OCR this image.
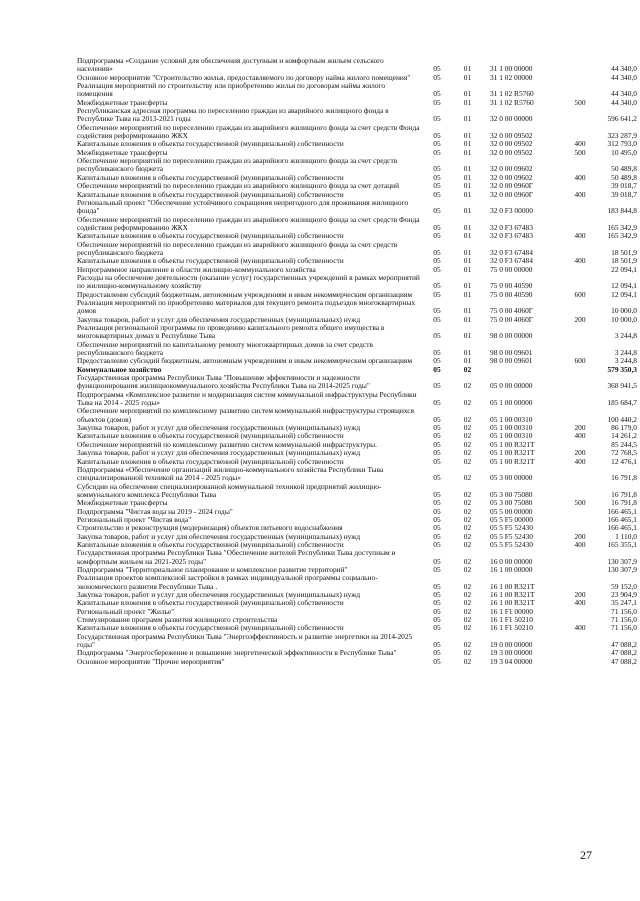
Подпрограмма «Создание условий для обеспечения доступным и комфортным жильем сельского населения»	05	01	31 1 00 00000		44 340,0
Основное мероприятие "Строительство жилья, предоставляемого по договору найма жилого помещения"	05	01	31 1 02 00000		44 340,0
Реализация мероприятий по строительству или приобретению жилья по договорам найма жилого помещения	05	01	31 1 02 R5760		44 340,0
Межбюджетные трансферты	05	01	31 1 02 R5760	500	44 340,0
Республиканская адресная программа по переселению граждан из аварийного жилищного фонда в Республике Тыва на 2013-2021 годы	05	01	32 0 00 00000		596 641,2
Обеспечение мероприятий по переселению граждан из аварийного жилищного фонда за счет средств Фонда содействия реформированию ЖКХ	05	01	32 0 00 09502		323 287,9
Капитальные вложения в объекты государственной (муниципальной) собственности	05	01	32 0 00 09502	400	312 793,0
Межбюджетные трансферты	05	01	32 0 00 09502	500	10 495,0
Обеспечение мероприятий по переселению граждан из аварийного жилищного фонда за счет средств республиканского бюджета	05	01	32 0 00 09602		50 489,8
Капитальные вложения в объекты государственной (муниципальной) собственности	05	01	32 0 00 09602	400	50 489,8
Обеспечение мероприятий по переселению граждан из аварийного жилищного фонда за счет дотаций	05	01	32 0 00 0960Г		39 018,7
Капитальные вложения в объекты государственной (муниципальной) собственности	05	01	32 0 00 0960Г	400	39 018,7
Региональный проект "Обеспечение устойчивого сокращения непригодного для проживания жилищного фонда"	05	01	32 0 F3 00000		183 844,8
Обеспечение мероприятий по переселению граждан из аварийного жилищного фонда за счет средств Фонда содействия реформированию ЖКХ	05	01	32 0 F3 67483		165 342,9
Капитальные вложения в объекты государственной (муниципальной) собственности	05	01	32 0 F3 67483	400	165 342,9
Обеспечение мероприятий по переселению граждан из аварийного жилищного фонда за счет средств республиканского бюджета	05	01	32 0 F3 67484		18 501,9
Капитальные вложения в объекты государственной (муниципальной) собственности	05	01	32 0 F3 67484	400	18 501,9
Непрограммное направление в области жилищно-коммунального хозяйства	05	01	75 0 00 00000		22 094,1
Расходы на обеспечение деятельности (оказание услуг) государственных учреждений в рамках мероприятий по жилищно-коммунальному хозяйству	05	01	75 0 00 40590		12 094,1
Предоставление субсидий бюджетным, автономным учреждениям и иным некоммерческим организациям	05	01	75 0 00 40590	600	12 094,1
Реализация мероприятий по приобретению материалов для текущего ремонта подъездов многоквартирных домов	05	01	75 0 00 4060Г		10 000,0
Закупка товаров, работ и услуг для обеспечения государственных (муниципальных) нужд	05	01	75 0 00 4060Г	200	10 000,0
Реализация региональной программы по проведению капитального ремонта общего имущества в многоквартирных домах в Республике Тыва	05	01	98 0 00 00000		3 244,8
Обеспечение мероприятий по капитальному ремонту многоквартирных домов за счет средств республиканского бюджета	05	01	98 0 00 09601		3 244,8
Предоставление субсидий бюджетным, автономным учреждениям и иным некоммерческим организациям	05	01	98 0 00 09601	600	3 244,8
Коммунальное хозяйство	05	02			579 350,3
Государственная программа Республики Тыва "Повышение эффективности и надежности функционирования жилищнокоммунального хозяйства Республики Тыва на 2014-2025 годы"	05	02	05 0 00 00000		368 941,5
Подпрограмма «Комплексное развитие и модернизация систем коммунальной инфраструктуры Республики Тыва на 2014 - 2025 годы»	05	02	05 1 00 00000		185 684,7
Обеспечение мероприятий по комплексному развитию систем коммунальной инфраструктуры строящихся объектов (домов)	05	02	05 1 00 00310		100 440,2
Закупка товаров, работ и услуг для обеспечения государственных (муниципальных) нужд	05	02	05 1 00 00310	200	86 179,0
Капитальные вложения в объекты государственной (муниципальной) собственности	05	02	05 1 00 00310	400	14 261,2
Обеспечение мероприятий по комплексному развитию систем коммунальной инфраструктуры.	05	02	05 1 00 R321Т		85 244,5
Закупка товаров, работ и услуг для обеспечения государственных (муниципальных) нужд	05	02	05 1 00 R321Т	200	72 768,5
Капитальные вложения в объекты государственной (муниципальной) собственности	05	02	05 1 00 R321Т	400	12 476,1
Подпрограмма «Обеспечение организаций жилищно-коммунального хозяйства Республики Тыва специализированной техникой на 2014 - 2025 годы»	05	02	05 3 00 00000		16 791,8
Субсидии на обеспечение специализированной коммунальной техникой предприятий жилищно-коммунального комплекса Республики Тыва	05	02	05 3 00 75080		16 791,8
Межбюджетные трансферты	05	02	05 3 00 75080	500	16 791,8
Подпрограмма "Чистая вода на 2019 - 2024 годы"	05	02	05 5 00 00000		166 465,1
Региональный проект "Чистая вода"	05	02	05 5 F5 00000		166 465,1
Строительство и реконструкция (модернизация) объектов питьевого водоснабжения	05	02	05 5 F5 52430		166 465,1
Закупка товаров, работ и услуг для обеспечения государственных (муниципальных) нужд	05	02	05 5 F5 52430	200	1 110,0
Капитальные вложения в объекты государственной (муниципальной) собственности	05	02	05 5 F5 52430	400	165 355,1
Государственная программа Республики Тыва "Обеспечение жителей Республики Тыва доступным и комфортным жильем на 2021-2025 годы"	05	02	16 0 00 00000		130 307,9
Подпрограмма "Территориальное планирование и комплексное развитие территорий"	05	02	16 1 00 00000		130 307,9
Реализация проектов комплексной застройки в рамках индивидуальной программы социально-экономического развития Республики Тыва .	05	02	16 1 00 R321Т		59 152,0
Закупка товаров, работ и услуг для обеспечения государственных (муниципальных) нужд	05	02	16 1 00 R321Т	200	23 904,9
Капитальные вложения в объекты государственной (муниципальной) собственности	05	02	16 1 00 R321Т	400	35 247,1
Региональный проект "Жилье"	05	02	16 1 F1 00000		71 156,0
Стимулирование программ развития жилищного строительства	05	02	16 1 F1 50210		71 156,0
Капитальные вложения в объекты государственной (муниципальной) собственности	05	02	16 1 F1 50210	400	71 156,0
Государственная программа Республики Тыва "Энергоэффективность и развитие энергетики на 2014-2025 годы"	05	02	19 0 00 00000		47 088,2
Подпрограмма "Энергосбережение и повышение энергетической эффективности в Республике Тыва"	05	02	19 3 00 00000		47 088,2
Основное мероприятие "Прочие мероприятия"	05	02	19 3 04 00000		47 088,2
27
